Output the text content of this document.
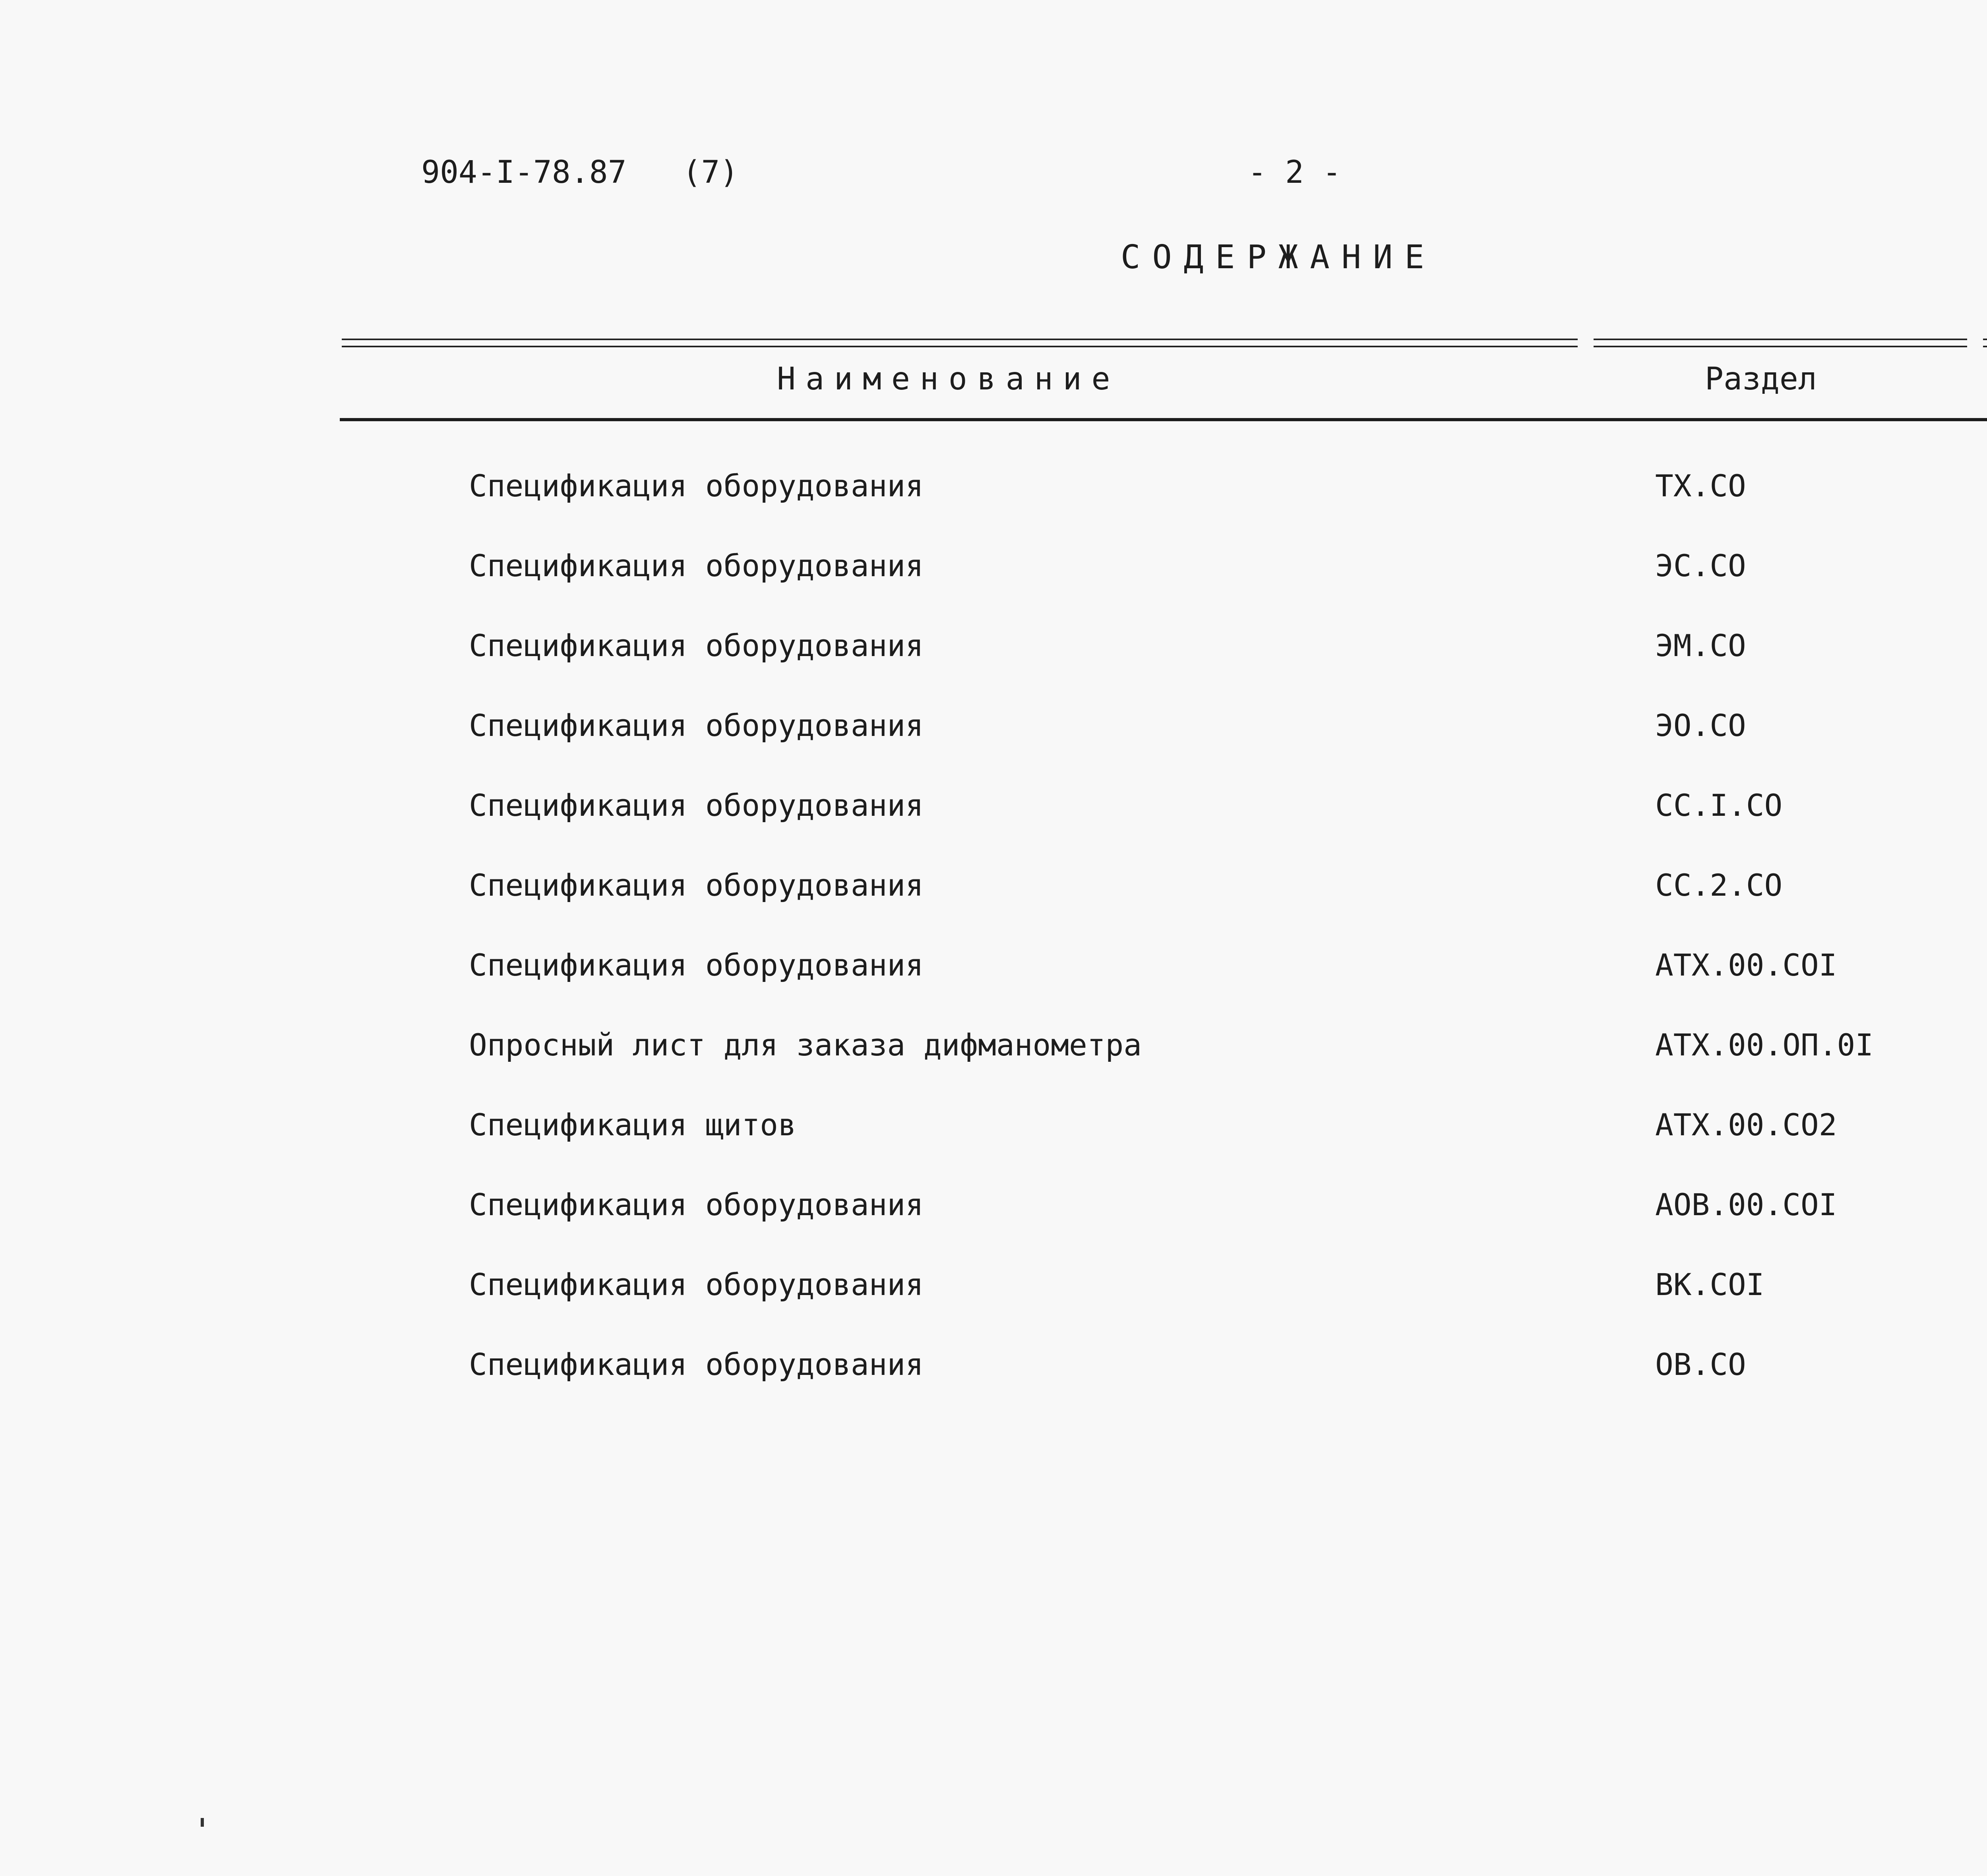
904-I-78.87   (7)	- 2 -
СОДЕРЖАНИЕ
Наименование	Раздел
Спецификация оборудования	ТХ.СО
Спецификация оборудования	ЭС.СО
Спецификация оборудования	ЭМ.СО
Спецификация оборудования	ЭО.СО
Спецификация оборудования	СС.I.СО
Спецификация оборудования	СС.2.СО
Спецификация оборудования	АТХ.00.СОI
Опросный лист для заказа дифманометра	АТХ.00.ОП.0I
Спецификация щитов	АТХ.00.СО2
Спецификация оборудования	АОВ.00.СОI
Спецификация оборудования	ВК.СОI
Спецификация оборудования	ОВ.СО
